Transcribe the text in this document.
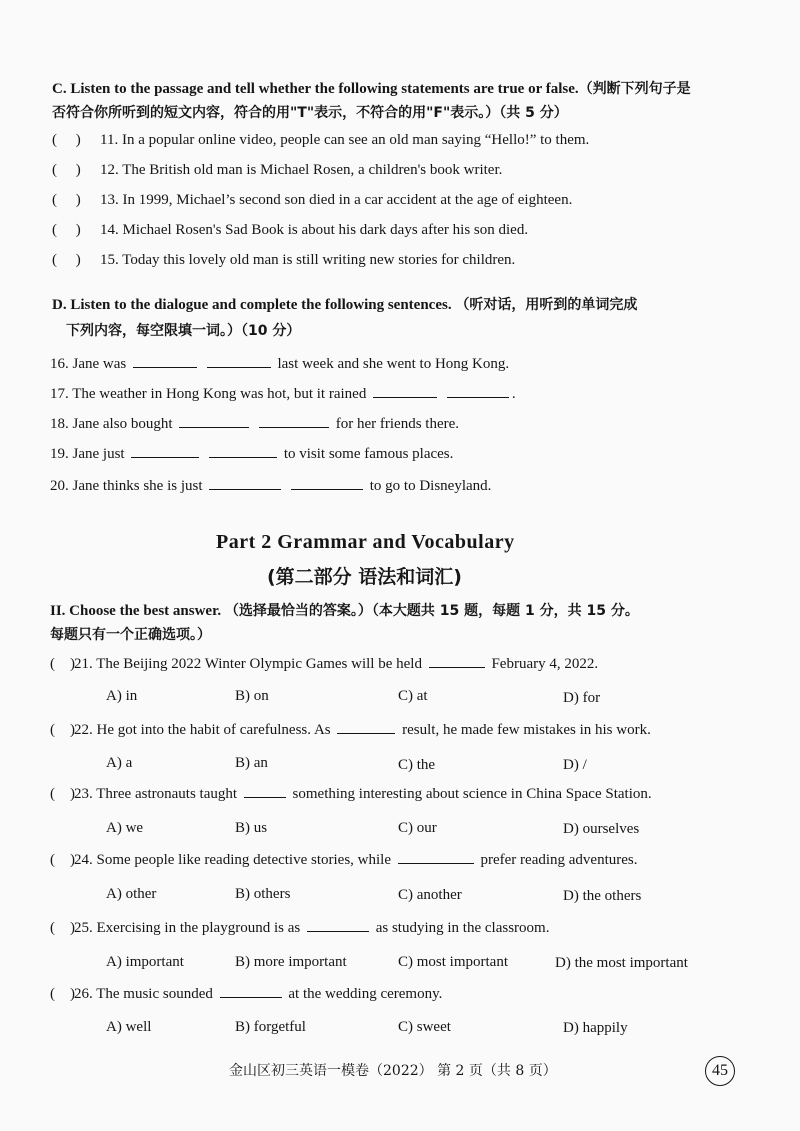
C. Listen to the passage and tell whether the following statements are true or false.（判断下列句子是
否符合你所听到的短文内容，符合的用"T"表示，不符合的用"F"表示。）（共 5 分）
(     ) 11. In a popular online video, people can see an old man saying “Hello!” to them.
(     ) 12. The British old man is Michael Rosen, a children's book writer.
(     ) 13. In 1999, Michael’s second son died in a car accident at the age of eighteen.
(     ) 14. Michael Rosen's Sad Book is about his dark days after his son died.
(     ) 15. Today this lovely old man is still writing new stories for children.
D. Listen to the dialogue and complete the following sentences. （听对话，用听到的单词完成
下列内容，每空限填一词。）（10 分）
16. Jane was	last week and she went to Hong Kong.
17. The weather in Hong Kong was hot, but it rained	.
18. Jane also bought	for her friends there.
19. Jane just	to visit some famous places.
20. Jane thinks she is just	to go to Disneyland.
Part 2 Grammar and Vocabulary
(第二部分 语法和词汇)
II. Choose the best answer. （选择最恰当的答案。）（本大题共 15 题，每题 1 分，共 15 分。
每题只有一个正确选项。）
(    )21. The Beijing 2022 Winter Olympic Games will be held	February 4, 2022.
A) in	B) on	C) at	D) for
(    )22. He got into the habit of carefulness. As	result, he made few mistakes in his work.
A) a	B) an	C) the	D) /
(    )23. Three astronauts taught	something interesting about science in China Space Station.
A) we	B) us	C) our	D) ourselves
(    )24. Some people like reading detective stories, while	prefer reading adventures.
A) other	B) others	C) another	D) the others
(    )25. Exercising in the playground is as	as studying in the classroom.
A) important	B) more important	C) most important	D) the most important
(    )26. The music sounded	at the wedding ceremony.
A) well	B) forgetful	C) sweet	D) happily
金山区初三英语一模卷（2022） 第 2 页（共 8 页）	45
